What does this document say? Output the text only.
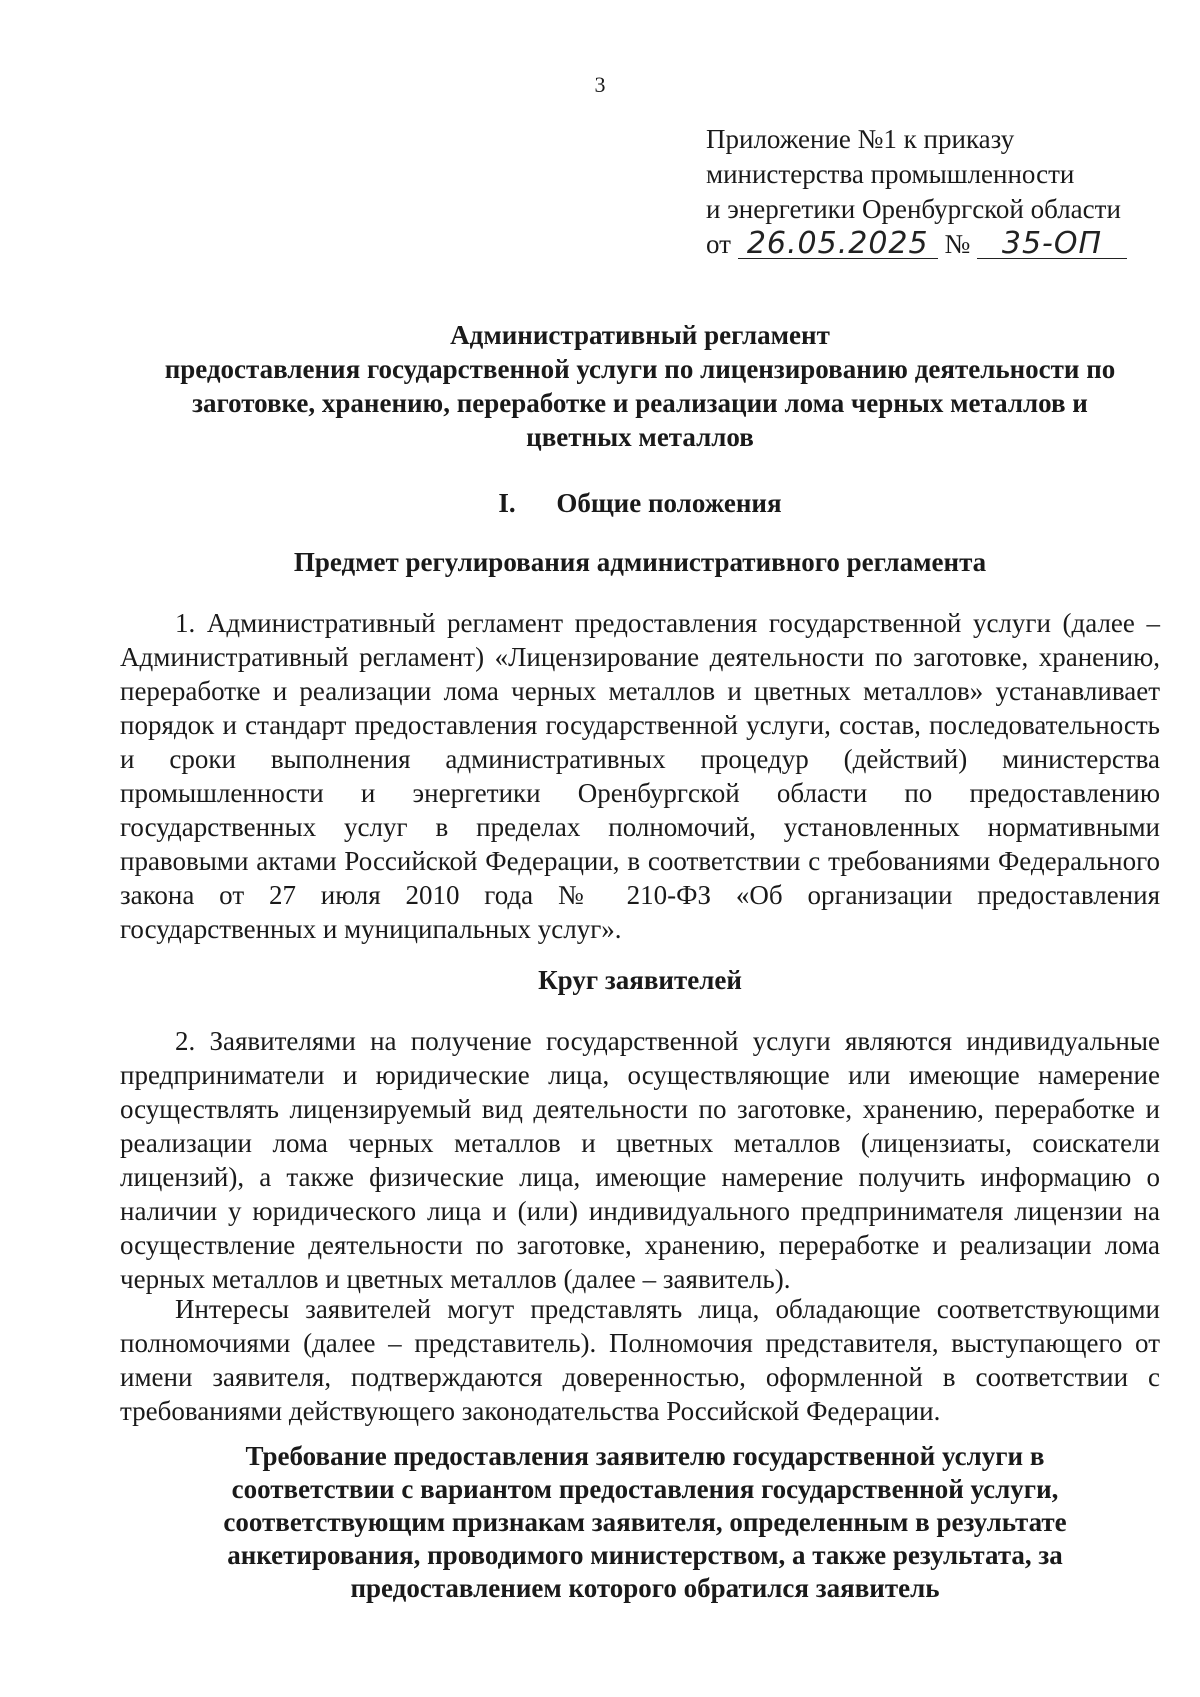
3
Приложение №1 к приказу
министерства промышленности
и энергетики Оренбургской области
от 26.05.2025 № 35-ОП
Административный регламент
предоставления государственной услуги по лицензированию деятельности по
заготовке, хранению, переработке и реализации лома черных металлов и
цветных металлов
I. Общие положения
Предмет регулирования административного регламента

1. Административный регламент предоставления государственной услуги (далее – Административный регламент) «Лицензирование деятельности по заготовке, хранению, переработке и реализации лома черных металлов и цветных металлов» устанавливает порядок и стандарт предоставления государственной услуги, состав, последовательность и сроки выполнения административных процедур (действий) министерства промышленности и энергетики Оренбургской области по предоставлению государственных услуг в пределах полномочий, установленных нормативными правовыми актами Российской Федерации, в соответствии с требованиями Федерального закона от 27 июля 2010 года № 210-ФЗ «Об организации предоставления государственных и муниципальных услуг».

Круг заявителей

2. Заявителями на получение государственной услуги являются индивидуальные предприниматели и юридические лица, осуществляющие или имеющие намерение осуществлять лицензируемый вид деятельности по заготовке, хранению, переработке и реализации лома черных металлов и цветных металлов (лицензиаты, соискатели лицензий), а также физические лица, имеющие намерение получить информацию о наличии у юридического лица и (или) индивидуального предпринимателя лицензии на осуществление деятельности по заготовке, хранению, переработке и реализации лома черных металлов и цветных металлов (далее – заявитель).

Интересы заявителей могут представлять лица, обладающие соответствующими полномочиями (далее – представитель). Полномочия представителя, выступающего от имени заявителя, подтверждаются доверенностью, оформленной в соответствии с требованиями действующего законодательства Российской Федерации.

Требование предоставления заявителю государственной услуги в соответствии с вариантом предоставления государственной услуги, соответствующим признакам заявителя, определенным в результате анкетирования, проводимого министерством, а также результата, за предоставлением которого обратился заявитель
